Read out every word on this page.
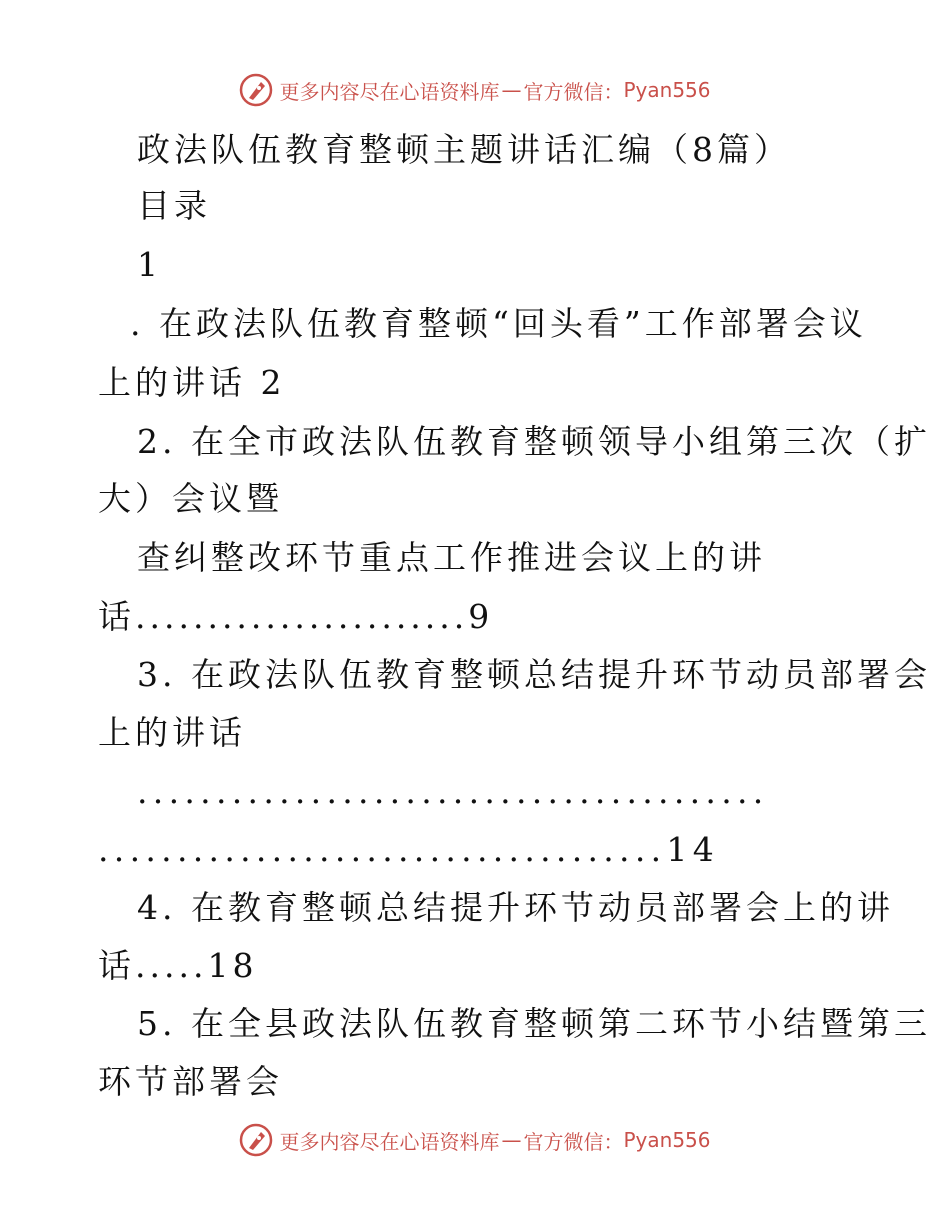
更多内容尽在心语资料库 — 官方微信： Pyan556
政法队伍教育整顿主题讲话汇编（8篇）
目录
1
. 在政法队伍教育整顿“回头看”工作部署会议
上的讲话 2
2. 在全市政法队伍教育整顿领导小组第三次（扩
大）会议暨
查纠整改环节重点工作推进会议上的讲
话.......................9
3. 在政法队伍教育整顿总结提升环节动员部署会
上的讲话
........................................
....................................14
4. 在教育整顿总结提升环节动员部署会上的讲
话.....18
5. 在全县政法队伍教育整顿第二环节小结暨第三
环节部署会
更多内容尽在心语资料库 — 官方微信： Pyan556
